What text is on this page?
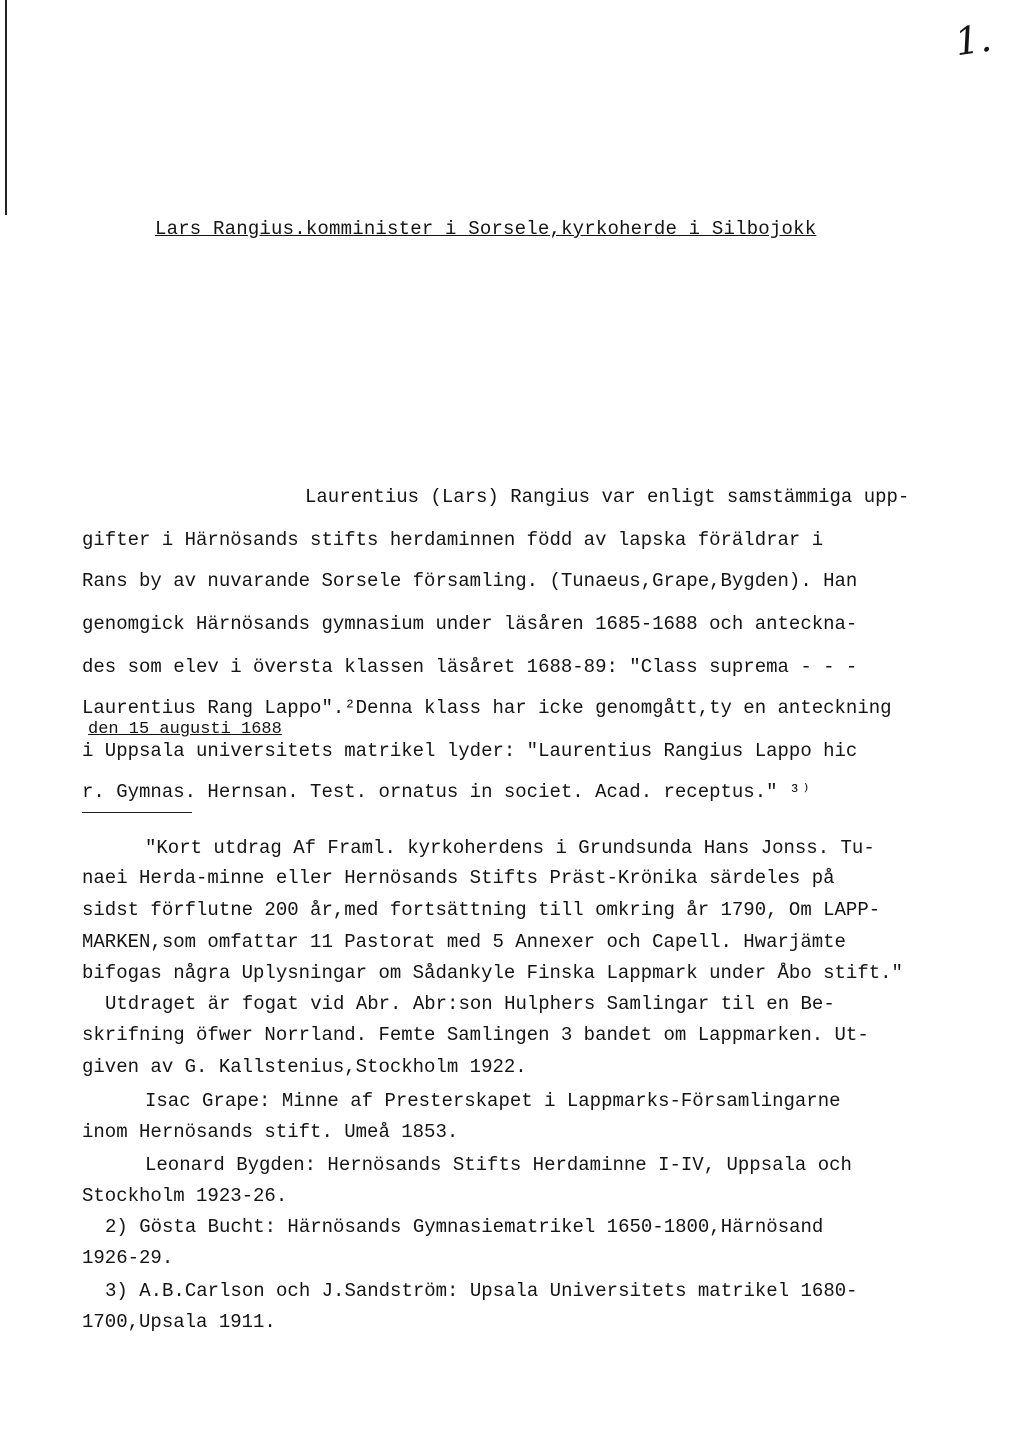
1.
Lars Rangius.komminister i Sorsele,kyrkoherde i Silbojokk
Laurentius (Lars) Rangius var enligt samstämmiga upp-
gifter i Härnösands stifts herdaminnen född av lapska föräldrar i
Rans by av nuvarande Sorsele församling. (Tunaeus,Grape,Bygden). Han
genomgick Härnösands gymnasium under läsåren 1685-1688 och anteckna-
des som elev i översta klassen läsåret 1688-89: "Class suprema - - -
Laurentius Rang Lappo".²Denna klass har icke genomgått,ty en anteckning
den 15 augusti 1688
i Uppsala universitets matrikel lyder: "Laurentius Rangius Lappo hic
r. Gymnas. Hernsan. Test. ornatus in societ. Acad. receptus." ³⁾
"Kort utdrag Af Framl. kyrkoherdens i Grundsunda Hans Jonss. Tu-
naei Herda-minne eller Hernösands Stifts Präst-Krönika särdeles på
sidst förflutne 200 år,med fortsättning till omkring år 1790, Om LAPP-
MARKEN,som omfattar 11 Pastorat med 5 Annexer och Capell. Hwarjämte
bifogas några Uplysningar om Sådankyle Finska Lappmark under Åbo stift."
Utdraget är fogat vid Abr. Abr:son Hulphers Samlingar til en Be-
skrifning öfwer Norrland. Femte Samlingen 3 bandet om Lappmarken. Ut-
given av G. Kallstenius,Stockholm 1922.
Isac Grape: Minne af Presterskapet i Lappmarks-Församlingarne
inom Hernösands stift. Umeå 1853.
Leonard Bygden: Hernösands Stifts Herdaminne I-IV, Uppsala och
Stockholm 1923-26.
2) Gösta Bucht: Härnösands Gymnasiematrikel 1650-1800,Härnösand
1926-29.
3) A.B.Carlson och J.Sandström: Upsala Universitets matrikel 1680-
1700,Upsala 1911.
